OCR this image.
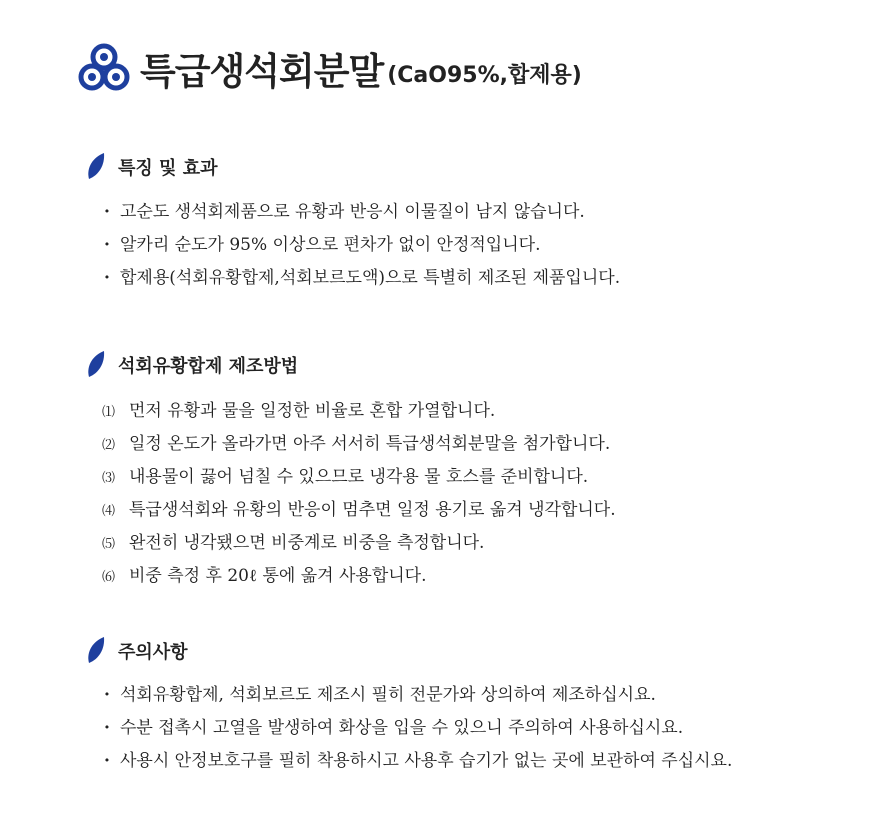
특급생석회분말 (CaO95%,합제용)
특징 및 효과
· 고순도 생석회제품으로 유황과 반응시 이물질이 남지 않습니다.
· 알카리 순도가 95% 이상으로 편차가 없이 안정적입니다.
· 합제용(석회유황합제,석회보르도액)으로 특별히 제조된 제품입니다.
석회유황합제 제조방법
⑴ 먼저 유황과 물을 일정한 비율로 혼합 가열합니다.
⑵ 일정 온도가 올라가면 아주 서서히 특급생석회분말을 첨가합니다.
⑶ 내용물이 끓어 넘칠 수 있으므로 냉각용 물 호스를 준비합니다.
⑷ 특급생석회와 유황의 반응이 멈추면 일정 용기로 옮겨 냉각합니다.
⑸ 완전히 냉각됐으면 비중계로 비중을 측정합니다.
⑹ 비중 측정 후 20ℓ 통에 옮겨 사용합니다.
주의사항
· 석회유황합제, 석회보르도 제조시 필히 전문가와 상의하여 제조하십시요.
· 수분 접촉시 고열을 발생하여 화상을 입을 수 있으니 주의하여 사용하십시요.
· 사용시 안정보호구를 필히 착용하시고 사용후 습기가 없는 곳에 보관하여 주십시요.
